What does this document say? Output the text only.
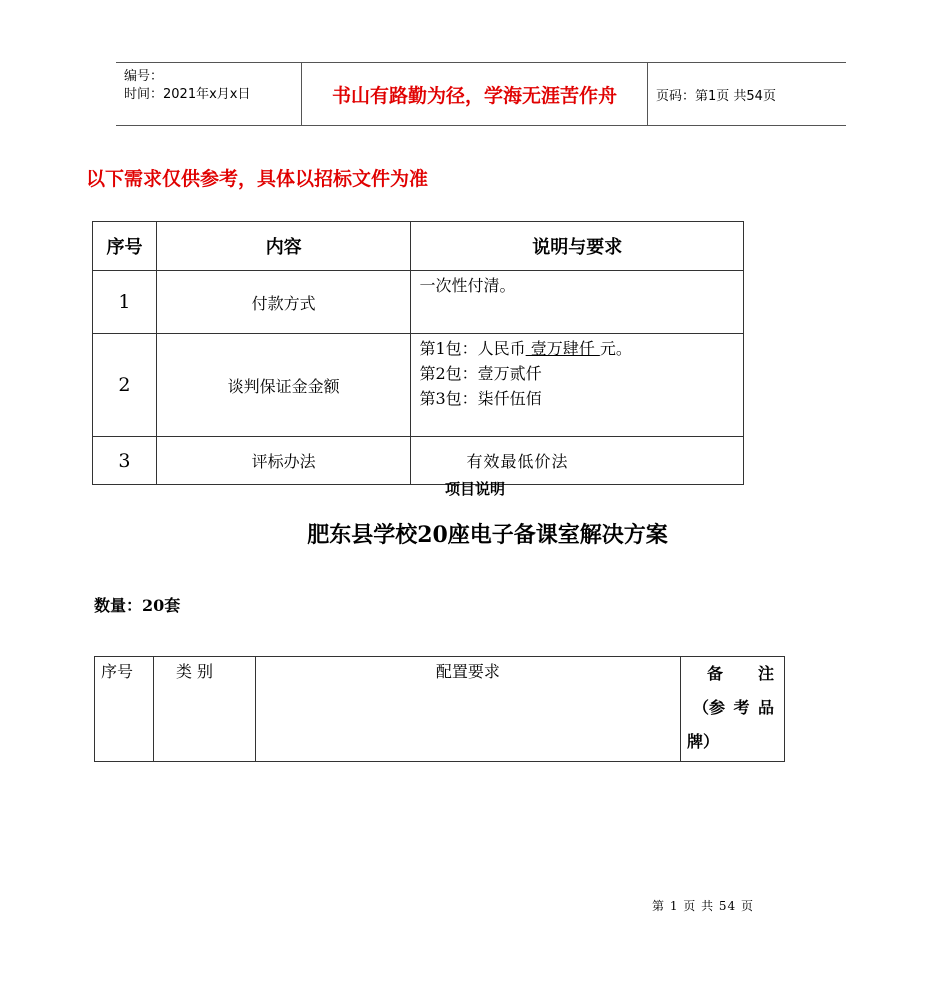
编号：
时间：2021年x月x日	书山有路勤为径，学海无涯苦作舟	页码：第1页 共54页
以下需求仅供参考，具体以招标文件为准
序号	内容	说明与要求
1	付款方式	一次性付清。
2	谈判保证金金额	第1包：人民币 壹万肆仟 元。
第2包：壹万贰仟
第3包：柒仟伍佰

3	评标办法	有效最低价法
项目说明
肥东县学校20座电子备课室解决方案
数量：20套
序号	类 别	配置要求	备 注
（参 考 品
牌）
第 1 页 共 54 页
